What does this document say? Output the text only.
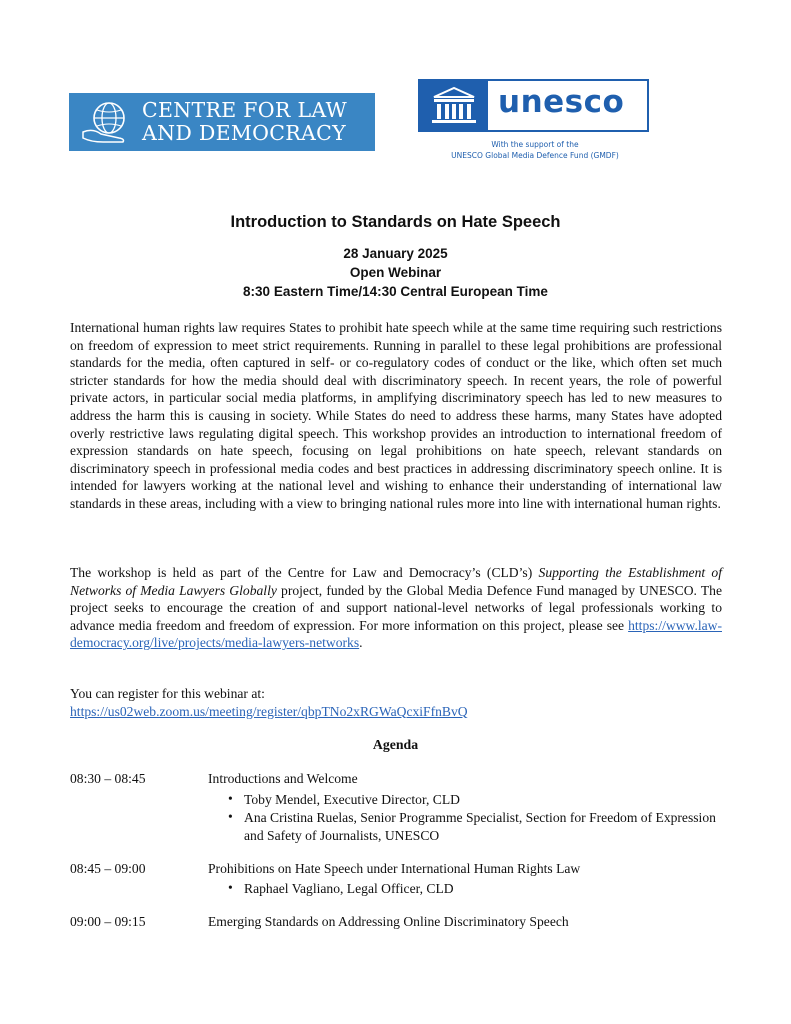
CENTRE FOR LAW
AND DEMOCRACY
unesco
With the support of the
UNESCO Global Media Defence Fund (GMDF)
Introduction to Standards on Hate Speech
28 January 2025
Open Webinar
8:30 Eastern Time/14:30 Central European Time
International human rights law requires States to prohibit hate speech while at the same time requiring such restrictions on freedom of expression to meet strict requirements. Running in parallel to these legal prohibitions are professional standards for the media, often captured in self- or co-regulatory codes of conduct or the like, which often set much stricter standards for how the media should deal with discriminatory speech. In recent years, the role of powerful private actors, in particular social media platforms, in amplifying discriminatory speech has led to new measures to address the harm this is causing in society. While States do need to address these harms, many States have adopted overly restrictive laws regulating digital speech. This workshop provides an introduction to international freedom of expression standards on hate speech, focusing on legal prohibitions on hate speech, relevant standards on discriminatory speech in professional media codes and best practices in addressing discriminatory speech online. It is intended for lawyers working at the national level and wishing to enhance their understanding of international law standards in these areas, including with a view to bringing national rules more into line with international human rights.
The workshop is held as part of the Centre for Law and Democracy’s (CLD’s) Supporting the Establishment of Networks of Media Lawyers Globally project, funded by the Global Media Defence Fund managed by UNESCO. The project seeks to encourage the creation of and support national-level networks of legal professionals working to advance media freedom and freedom of expression. For more information on this project, please see https://www.law-democracy.org/live/projects/media-lawyers-networks.
You can register for this webinar at:
https://us02web.zoom.us/meeting/register/qbpTNo2xRGWaQcxiFfnBvQ
Agenda
08:30 – 08:45	Introductions and Welcome
• Toby Mendel, Executive Director, CLD
• Ana Cristina Ruelas, Senior Programme Specialist, Section for Freedom of Expression and Safety of Journalists, UNESCO
08:45 – 09:00	Prohibitions on Hate Speech under International Human Rights Law
• Raphael Vagliano, Legal Officer, CLD
09:00 – 09:15	Emerging Standards on Addressing Online Discriminatory Speech
